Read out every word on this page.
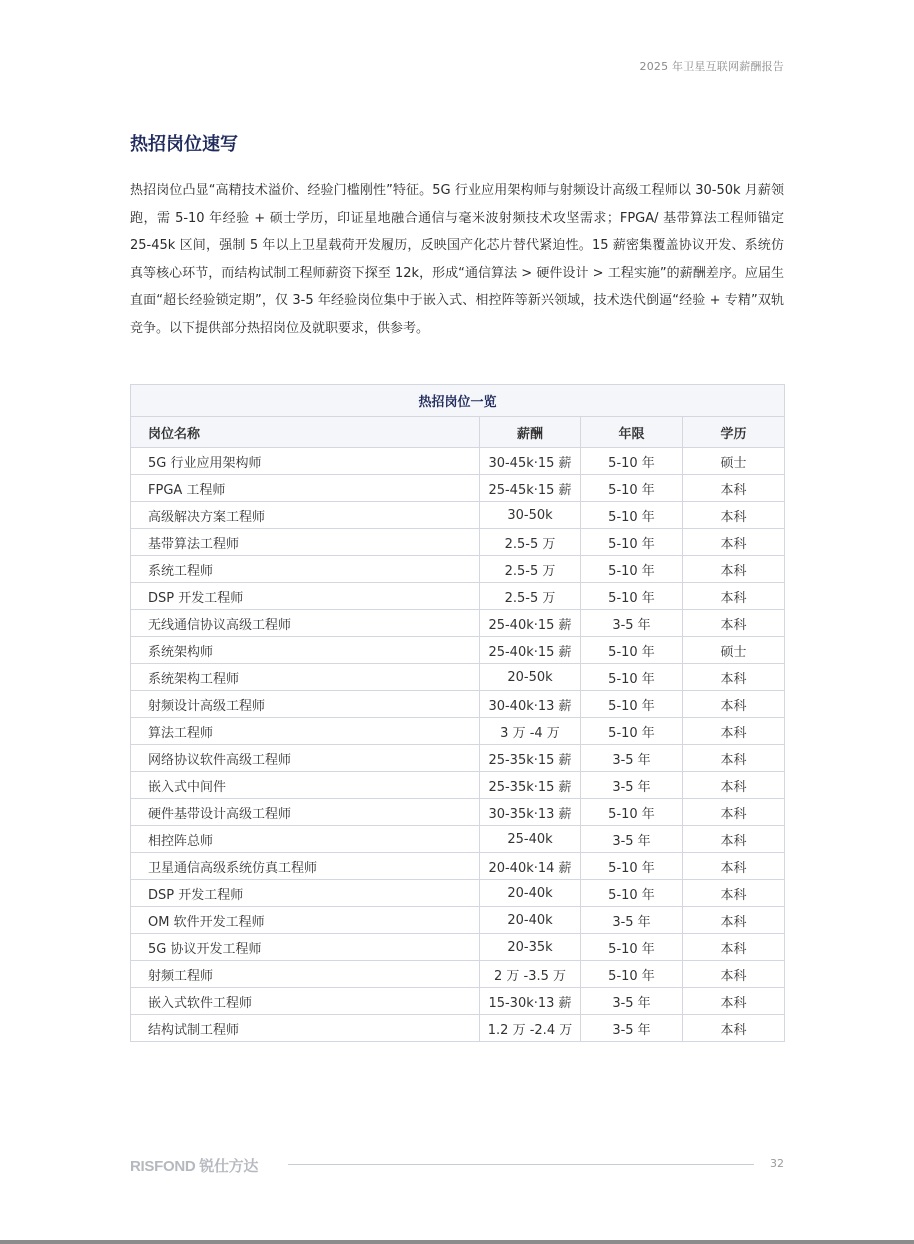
2025 年卫星互联网薪酬报告
热招岗位速写

热招岗位凸显“高精技术溢价、经验门槛刚性”特征。5G 行业应用架构师与射频设计高级工程师以 30-50k 月薪领跑，需 5-10 年经验 + 硕士学历，印证星地融合通信与毫米波射频技术攻坚需求；FPGA/ 基带算法工程师锚定 25-45k 区间，强制 5 年以上卫星载荷开发履历，反映国产化芯片替代紧迫性。15 薪密集覆盖协议开发、系统仿真等核心环节，而结构试制工程师薪资下探至 12k，形成“通信算法 > 硬件设计 > 工程实施”的薪酬差序。应届生直面“超长经验锁定期”，仅 3-5 年经验岗位集中于嵌入式、相控阵等新兴领域，技术迭代倒逼“经验 + 专精”双轨竞争。以下提供部分热招岗位及就职要求，供参考。

热招岗位一览			
岗位名称	薪酬	年限	学历
5G 行业应用架构师	30-45k·15 薪	5-10 年	硕士
FPGA 工程师	25-45k·15 薪	5-10 年	本科
高级解决方案工程师	30-50k	5-10 年	本科
基带算法工程师	2.5-5 万	5-10 年	本科
系统工程师	2.5-5 万	5-10 年	本科
DSP 开发工程师	2.5-5 万	5-10 年	本科
无线通信协议高级工程师	25-40k·15 薪	3-5 年	本科
系统架构师	25-40k·15 薪	5-10 年	硕士
系统架构工程师	20-50k	5-10 年	本科
射频设计高级工程师	30-40k·13 薪	5-10 年	本科
算法工程师	3 万 -4 万	5-10 年	本科
网络协议软件高级工程师	25-35k·15 薪	3-5 年	本科
嵌入式中间件	25-35k·15 薪	3-5 年	本科
硬件基带设计高级工程师	30-35k·13 薪	5-10 年	本科
相控阵总师	25-40k	3-5 年	本科
卫星通信高级系统仿真工程师	20-40k·14 薪	5-10 年	本科
DSP 开发工程师	20-40k	5-10 年	本科
OM 软件开发工程师	20-40k	3-5 年	本科
5G 协议开发工程师	20-35k	5-10 年	本科
射频工程师	2 万 -3.5 万	5-10 年	本科
嵌入式软件工程师	15-30k·13 薪	3-5 年	本科
结构试制工程师	1.2 万 -2.4 万	3-5 年	本科
RISFOND 锐仕方达	32
